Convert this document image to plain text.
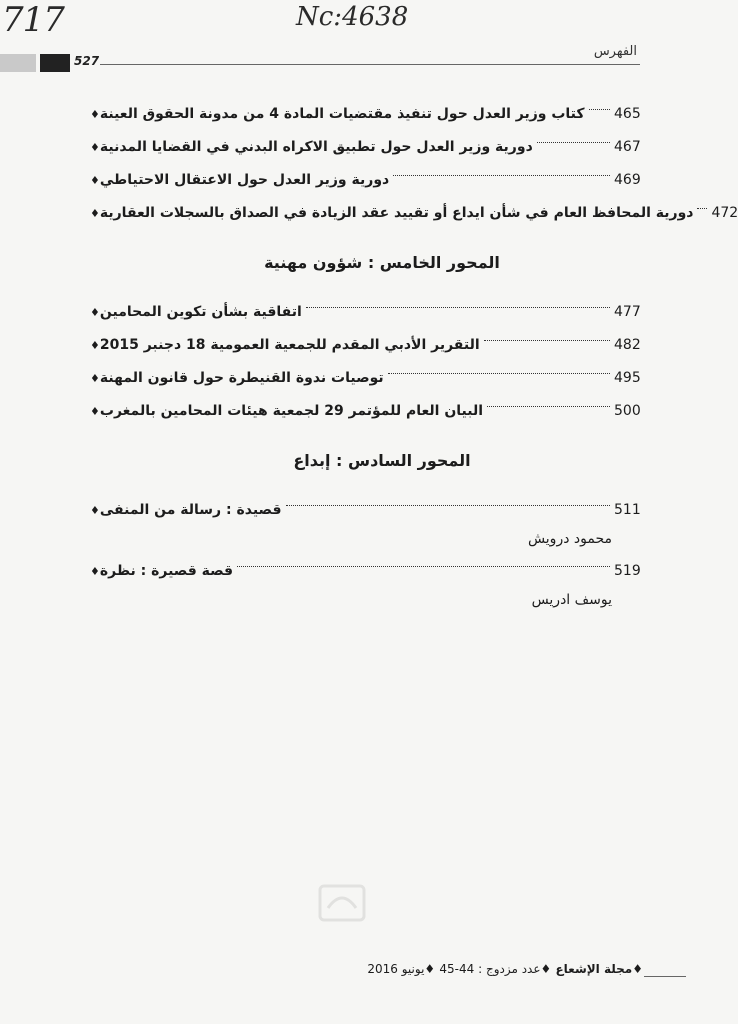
717	Nc:4638
527
الفهرس
♦ كتاب وزير العدل حول تنفيذ مقتضيات المادة 4 من مدونة الحقوق العينة 465
♦ دورية وزير العدل حول تطبيق الاكراه البدني في القضايا المدنية	467
♦ دورية وزير العدل حول الاعتقال الاحتياطي	469
♦ دورية المحافظ العام في شأن ايداع أو تقييد عقد الزيادة في الصداق بالسجلات العقارية 472
المحور الخامس : شؤون مهنية
♦ اتفاقية بشأن تكوين المحامين	477
♦ التقرير الأدبي المقدم للجمعية العمومية 18 دجنبر 2015	482
♦ توصيات ندوة القنيطرة حول قانون المهنة	495
♦ البيان العام للمؤتمر 29 لجمعية هيئات المحامين بالمغرب	500
المحور السادس : إبداع
♦ قصيدة : رسالة من المنفى	511
محمود درويش
♦ قصة قصيرة : نظرة	519
يوسف ادريس
♦مجلة الإشعاع ♦عدد مزدوج : 44-45 ♦يونيو 2016
